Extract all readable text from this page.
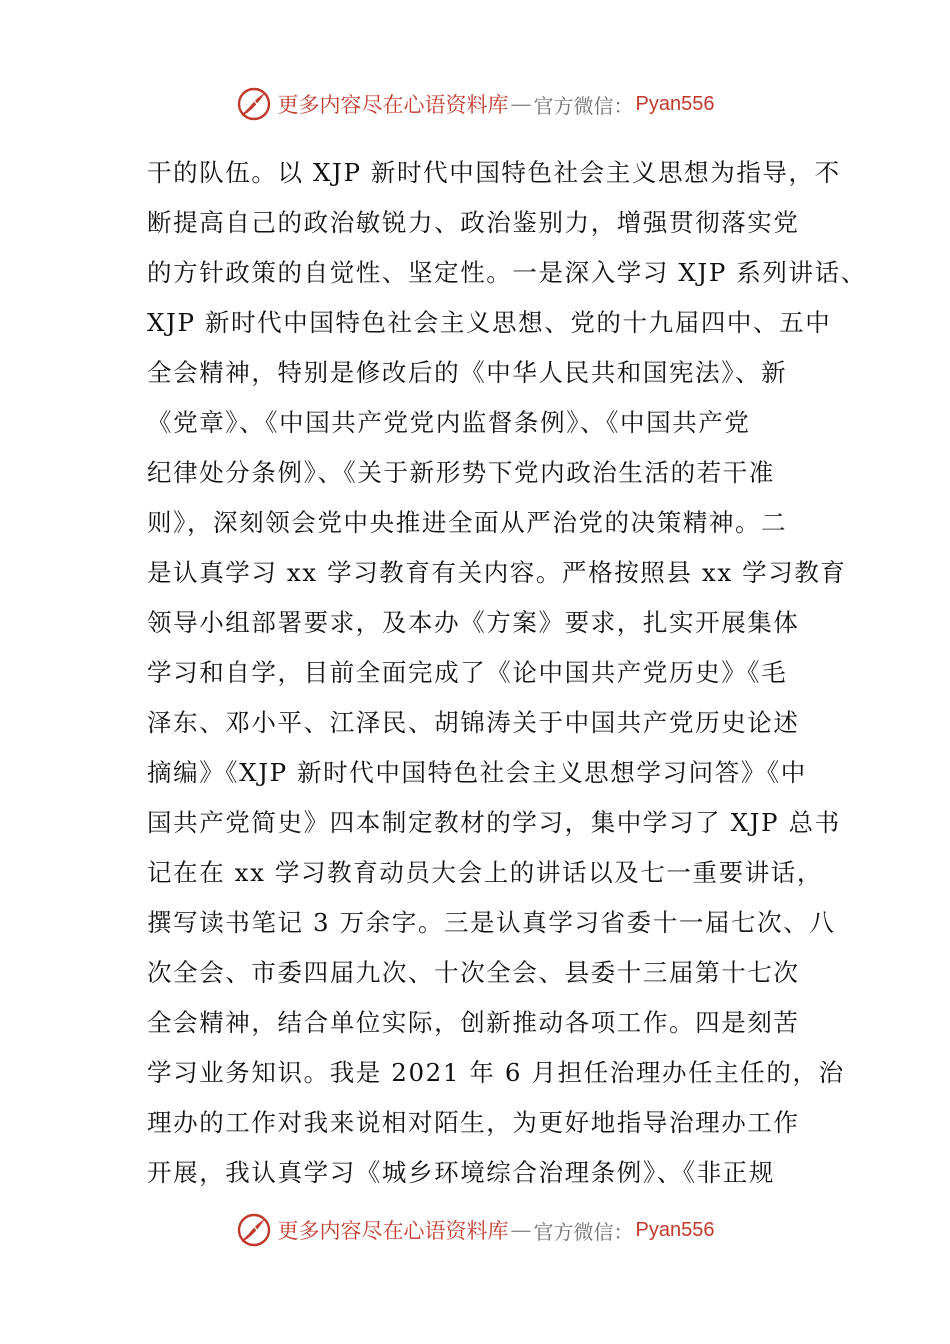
更多内容尽在心语资料库 — 官方微信： Pyan556
干的队伍。以 XJP 新时代中国特色社会主义思想为指导，不
断提高自己的政治敏锐力、政治鉴别力，增强贯彻落实党
的方针政策的自觉性、坚定性。一是深入学习 XJP 系列讲话、
XJP 新时代中国特色社会主义思想、党的十九届四中、五中
全会精神，特别是修改后的《中华人民共和国宪法》、新
《党章》、《中国共产党党内监督条例》、《中国共产党
纪律处分条例》、《关于新形势下党内政治生活的若干准
则》，深刻领会党中央推进全面从严治党的决策精神。二
是认真学习 xx 学习教育有关内容。严格按照县 xx 学习教育
领导小组部署要求，及本办《方案》要求，扎实开展集体
学习和自学，目前全面完成了《论中国共产党历史》《毛
泽东、邓小平、江泽民、胡锦涛关于中国共产党历史论述
摘编》《XJP 新时代中国特色社会主义思想学习问答》《中
国共产党简史》四本制定教材的学习，集中学习了 XJP 总书
记在在 xx 学习教育动员大会上的讲话以及七一重要讲话，
撰写读书笔记 3 万余字。三是认真学习省委十一届七次、八
次全会、市委四届九次、十次全会、县委十三届第十七次
全会精神，结合单位实际，创新推动各项工作。四是刻苦
学习业务知识。我是 2021 年 6 月担任治理办任主任的，治
理办的工作对我来说相对陌生，为更好地指导治理办工作
开展，我认真学习《城乡环境综合治理条例》、《非正规
更多内容尽在心语资料库 — 官方微信： Pyan556
